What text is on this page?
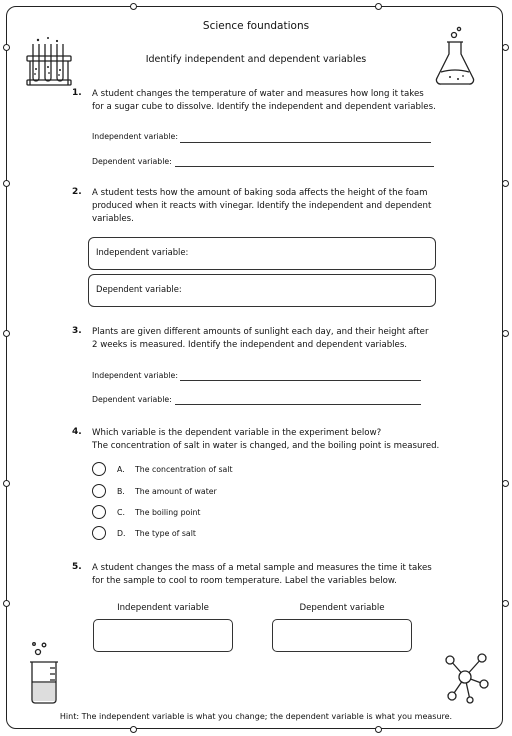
Science foundations
Identify independent and dependent variables
1. A student changes the temperature of water and measures how long it takes
for a sugar cube to dissolve. Identify the independent and dependent variables.
Independent variable:
Dependent variable:
2. A student tests how the amount of baking soda affects the height of the foam
produced when it reacts with vinegar. Identify the independent and dependent
variables.
Independent variable:
Dependent variable:
3. Plants are given different amounts of sunlight each day, and their height after
2 weeks is measured. Identify the independent and dependent variables.
Independent variable:
Dependent variable:
4. Which variable is the dependent variable in the experiment below?
The concentration of salt in water is changed, and the boiling point is measured.
A. The concentration of salt
B. The amount of water
C. The boiling point
D. The type of salt
5. A student changes the mass of a metal sample and measures the time it takes
for the sample to cool to room temperature. Label the variables below.
Independent variable	Dependent variable
Hint: The independent variable is what you change; the dependent variable is what you measure.
